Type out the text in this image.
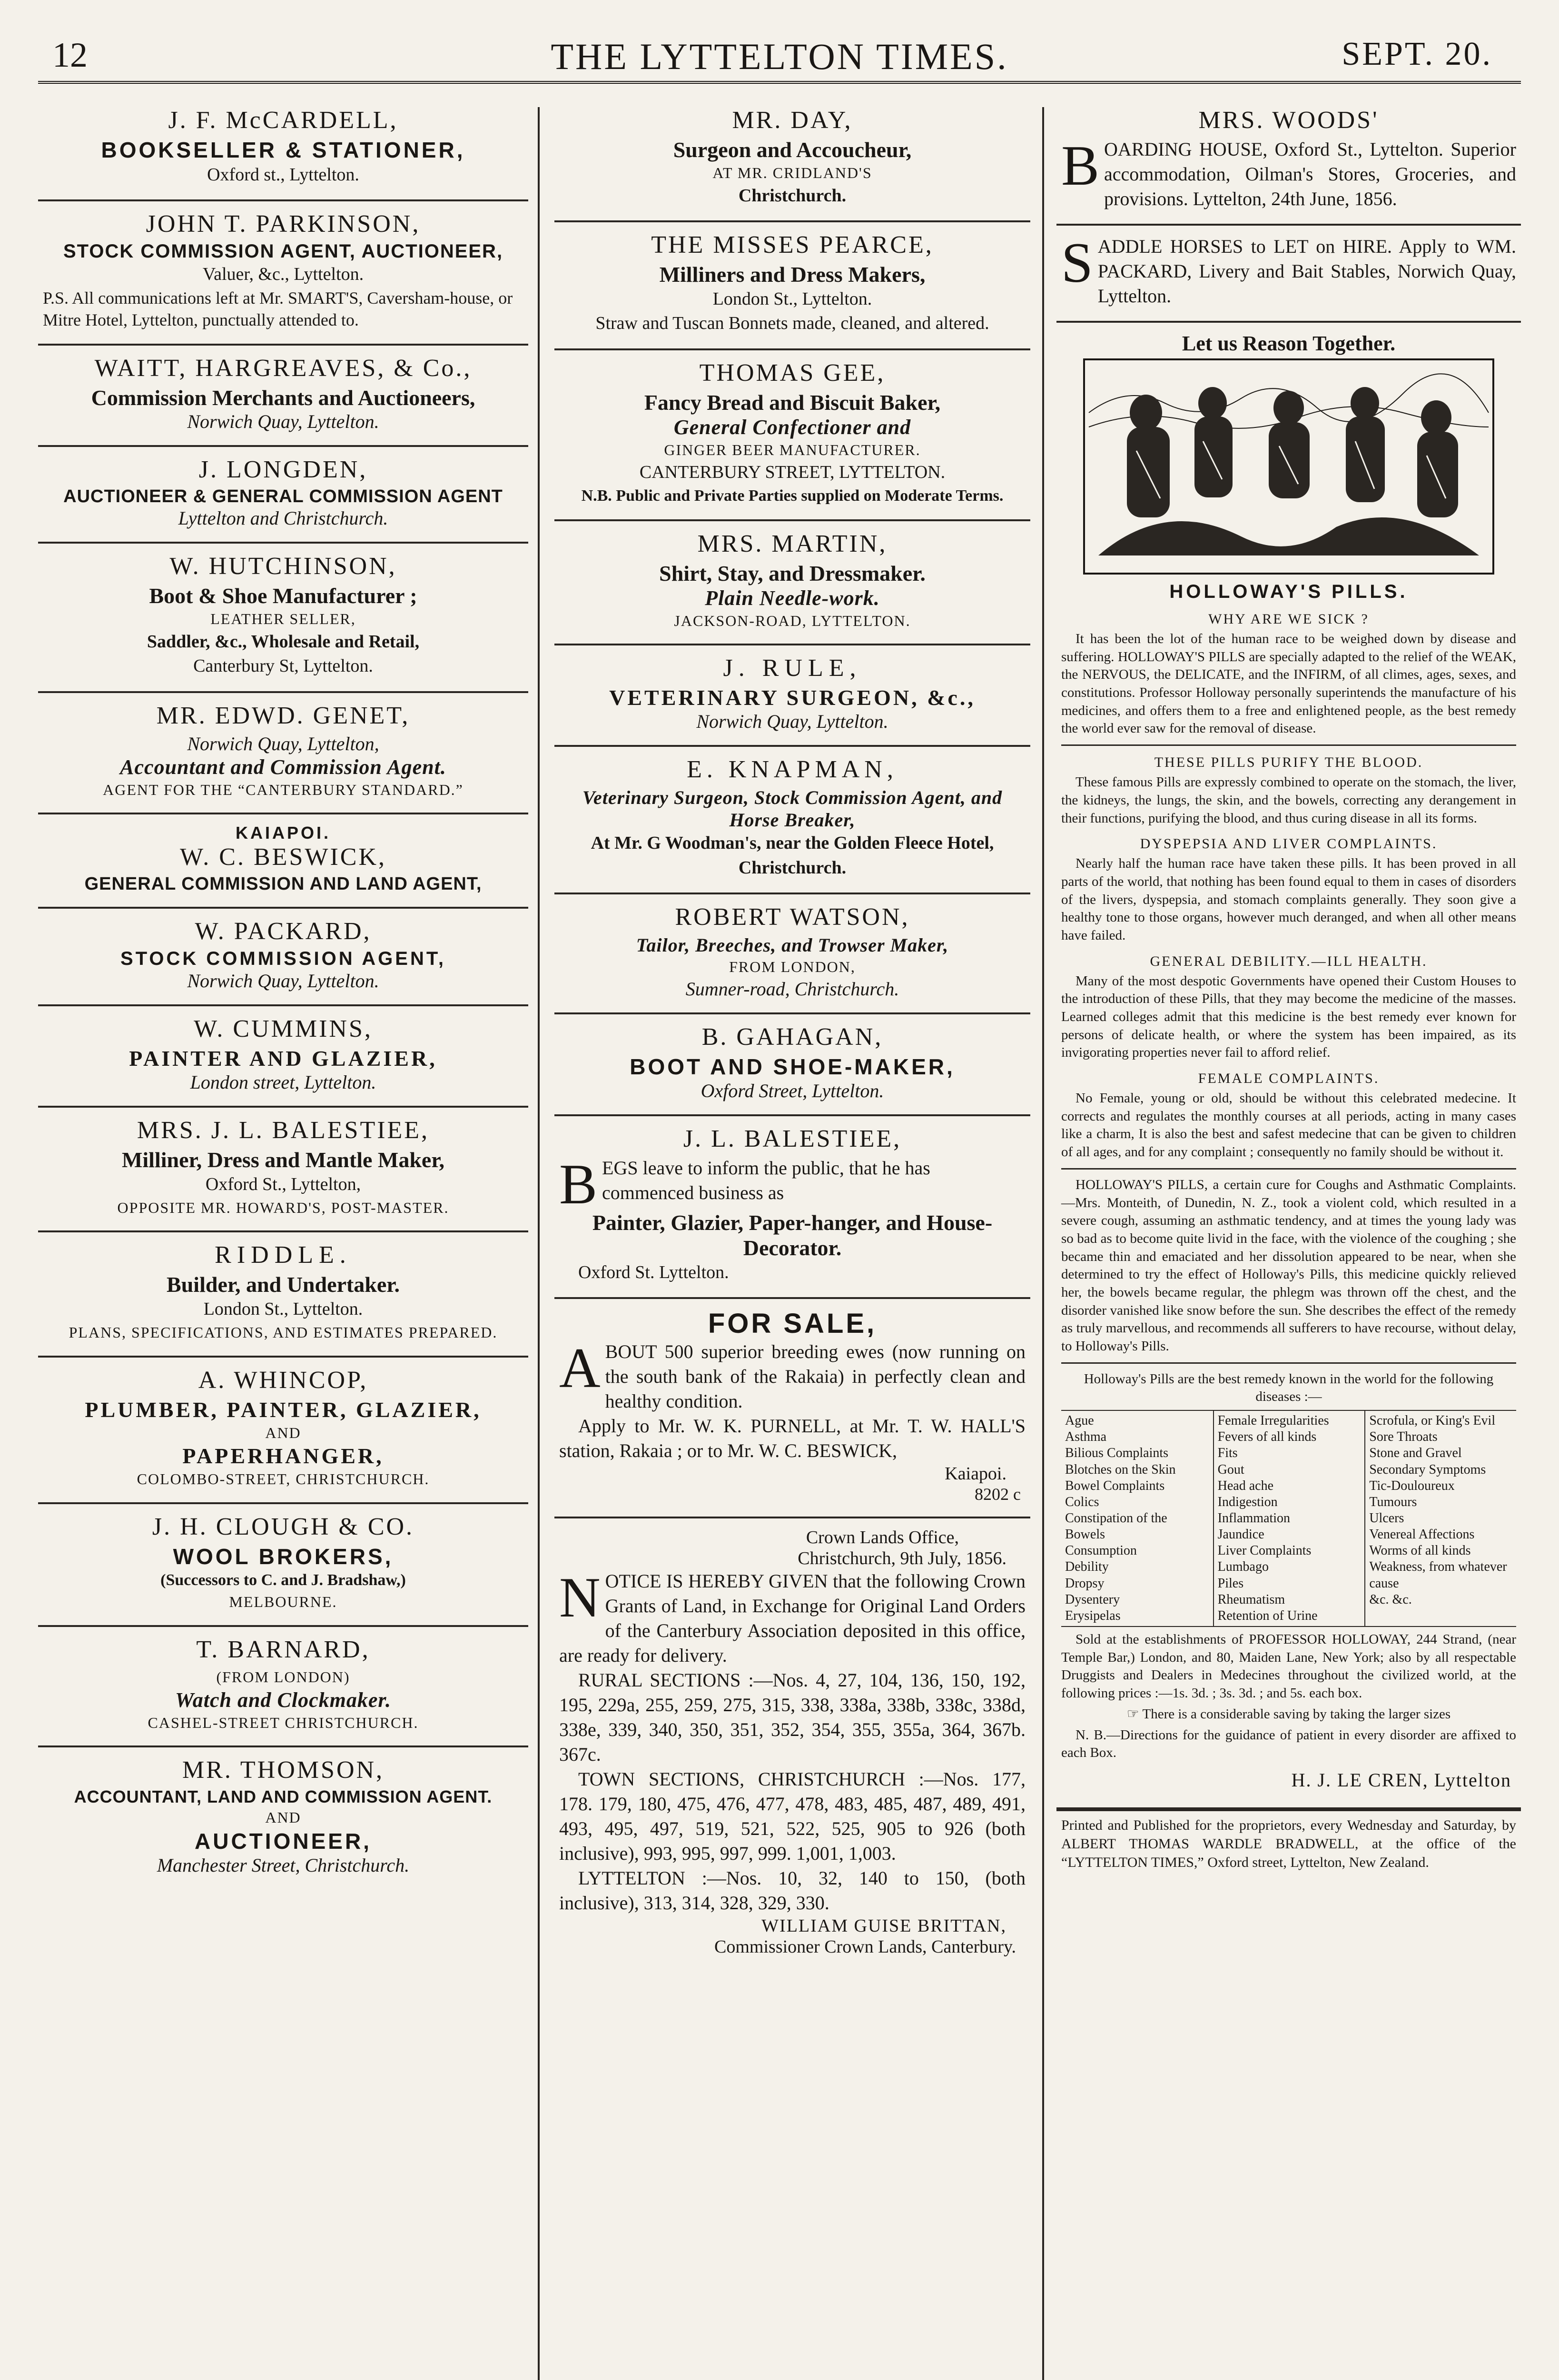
12	THE LYTTELTON TIMES.	SEPT. 20.
J. F. McCARDELL,
BOOKSELLER & STATIONER,
Oxford st., Lyttelton.
JOHN T. PARKINSON,
STOCK COMMISSION AGENT, AUCTIONEER,
Valuer, &c., Lyttelton.
P.S. All communications left at Mr. SMART'S, Caversham-house, or Mitre Hotel, Lyttelton, punctually attended to.
WAITT, HARGREAVES, & Co.,
Commission Merchants and Auctioneers,
Norwich Quay, Lyttelton.
J. LONGDEN,
AUCTIONEER & GENERAL COMMISSION AGENT
Lyttelton and Christchurch.
W. HUTCHINSON,
Boot & Shoe Manufacturer ;
LEATHER SELLER,
Saddler, &c., Wholesale and Retail,
Canterbury St, Lyttelton.
MR. EDWD. GENET,
Norwich Quay, Lyttelton,
Accountant and Commission Agent.
AGENT FOR THE “CANTERBURY STANDARD.”
KAIAPOI.
W. C. BESWICK,
GENERAL COMMISSION AND LAND AGENT,
W. PACKARD,
STOCK COMMISSION AGENT,
Norwich Quay, Lyttelton.
W. CUMMINS,
PAINTER AND GLAZIER,
London street, Lyttelton.
MRS. J. L. BALESTIEE,
Milliner, Dress and Mantle Maker,
Oxford St., Lyttelton,
OPPOSITE MR. HOWARD'S, POST-MASTER.
RIDDLE.
Builder, and Undertaker.
London St., Lyttelton.
PLANS, SPECIFICATIONS, AND ESTIMATES PREPARED.
A. WHINCOP,
PLUMBER, PAINTER, GLAZIER,
AND
PAPERHANGER,
COLOMBO-STREET, CHRISTCHURCH.
J. H. CLOUGH & CO.
WOOL BROKERS,
(Successors to C. and J. Bradshaw,)
MELBOURNE.
T. BARNARD,
(FROM LONDON)
Watch and Clockmaker.
CASHEL-STREET CHRISTCHURCH.
MR. THOMSON,
ACCOUNTANT, LAND AND COMMISSION AGENT.
AND
AUCTIONEER,
Manchester Street, Christchurch.
MR. DAY,
Surgeon and Accoucheur,
AT MR. CRIDLAND'S
Christchurch.
THE MISSES PEARCE,
Milliners and Dress Makers,
London St., Lyttelton.
Straw and Tuscan Bonnets made, cleaned, and altered.
THOMAS GEE,
Fancy Bread and Biscuit Baker,
General Confectioner and
GINGER BEER MANUFACTURER.
CANTERBURY STREET, LYTTELTON.
N.B. Public and Private Parties supplied on Moderate Terms.
MRS. MARTIN,
Shirt, Stay, and Dressmaker.
Plain Needle-work.
JACKSON-ROAD, LYTTELTON.
J. RULE,
VETERINARY SURGEON, &c.,
Norwich Quay, Lyttelton.
E. KNAPMAN,
Veterinary Surgeon, Stock Commission Agent, and Horse Breaker,
At Mr. G Woodman's, near the Golden Fleece Hotel, Christchurch.
ROBERT WATSON,
Tailor, Breeches, and Trowser Maker,
FROM LONDON,
Sumner-road, Christchurch.
B. GAHAGAN,
BOOT AND SHOE-MAKER,
Oxford Street, Lyttelton.
J. L. BALESTIEE,
BEGS leave to inform the public, that he has commenced business as
Painter, Glazier, Paper-hanger, and House-Decorator.
Oxford St. Lyttelton.
FOR SALE,
ABOUT 500 superior breeding ewes (now running on the south bank of the Rakaia) in perfectly clean and healthy condition.
Apply to Mr. W. K. PURNELL, at Mr. T. W. HALL'S station, Rakaia ; or to Mr. W. C. BESWICK,
Kaiapoi.
8202 c
Crown Lands Office,
Christchurch, 9th July, 1856.
NOTICE IS HEREBY GIVEN that the following Crown Grants of Land, in Exchange for Original Land Orders of the Canterbury Association deposited in this office, are ready for delivery.
RURAL SECTIONS :—Nos. 4, 27, 104, 136, 150, 192, 195, 229a, 255, 259, 275, 315, 338, 338a, 338b, 338c, 338d, 338e, 339, 340, 350, 351, 352, 354, 355, 355a, 364, 367b. 367c.
TOWN SECTIONS, CHRISTCHURCH :—Nos. 177, 178. 179, 180, 475, 476, 477, 478, 483, 485, 487, 489, 491, 493, 495, 497, 519, 521, 522, 525, 905 to 926 (both inclusive), 993, 995, 997, 999. 1,001, 1,003.
LYTTELTON :—Nos. 10, 32, 140 to 150, (both inclusive), 313, 314, 328, 329, 330.
WILLIAM GUISE BRITTAN,
Commissioner Crown Lands, Canterbury.
MRS. WOODS'
BOARDING HOUSE, Oxford St., Lyttelton. Superior accommodation, Oilman's Stores, Groceries, and provisions. Lyttelton, 24th June, 1856.
SADDLE HORSES to LET on HIRE. Apply to WM. PACKARD, Livery and Bait Stables, Norwich Quay, Lyttelton.
Let us Reason Together.
HOLLOWAY'S PILLS.
WHY ARE WE SICK ?

It has been the lot of the human race to be weighed down by disease and suffering. HOLLOWAY'S PILLS are specially adapted to the relief of the WEAK, the NERVOUS, the DELICATE, and the INFIRM, of all climes, ages, sexes, and constitutions. Professor Holloway personally superintends the manufacture of his medicines, and offers them to a free and enlightened people, as the best remedy the world ever saw for the removal of disease.

THESE PILLS PURIFY THE BLOOD.

These famous Pills are expressly combined to operate on the stomach, the liver, the kidneys, the lungs, the skin, and the bowels, correcting any derangement in their functions, purifying the blood, and thus curing disease in all its forms.

DYSPEPSIA AND LIVER COMPLAINTS.

Nearly half the human race have taken these pills. It has been proved in all parts of the world, that nothing has been found equal to them in cases of disorders of the livers, dyspepsia, and stomach complaints generally. They soon give a healthy tone to those organs, however much deranged, and when all other means have failed.

GENERAL DEBILITY.—ILL HEALTH.

Many of the most despotic Governments have opened their Custom Houses to the introduction of these Pills, that they may become the medicine of the masses. Learned colleges admit that this medicine is the best remedy ever known for persons of delicate health, or where the system has been impaired, as its invigorating properties never fail to afford relief.

FEMALE COMPLAINTS.

No Female, young or old, should be without this celebrated medecine. It corrects and regulates the monthly courses at all periods, acting in many cases like a charm, It is also the best and safest medecine that can be given to children of all ages, and for any complaint ; consequently no family should be without it.

HOLLOWAY'S PILLS, a certain cure for Coughs and Asthmatic Complaints.—Mrs. Monteith, of Dunedin, N. Z., took a violent cold, which resulted in a severe cough, assuming an asthmatic tendency, and at times the young lady was so bad as to become quite livid in the face, with the violence of the coughing ; she became thin and emaciated and her dissolution appeared to be near, when she determined to try the effect of Holloway's Pills, this medicine quickly relieved her, the bowels became regular, the phlegm was thrown off the chest, and the disorder vanished like snow before the sun. She describes the effect of the remedy as truly marvellous, and recommends all sufferers to have recourse, without delay, to Holloway's Pills.

Holloway's Pills are the best remedy known in the world for the following diseases :—
Ague
Asthma
Bilious Complaints
Blotches on the Skin
Bowel Complaints
Colics
Constipation of the Bowels
Consumption
Debility
Dropsy
Dysentery
Erysipelas
Female Irregularities
Fevers of all kinds
Fits
Gout
Head ache
Indigestion
Inflammation
Jaundice
Liver Complaints
Lumbago
Piles
Rheumatism
Retention of Urine
Scrofula, or King's Evil
Sore Throats
Stone and Gravel
Secondary Symptoms
Tic-Douloureux
Tumours
Ulcers
Venereal Affections
Worms of all kinds
Weakness, from whatever cause
&c. &c.

Sold at the establishments of PROFESSOR HOLLOWAY, 244 Strand, (near Temple Bar,) London, and 80, Maiden Lane, New York; also by all respectable Druggists and Dealers in Medecines throughout the civilized world, at the following prices :—1s. 3d. ; 3s. 3d. ; and 5s. each box.

☞ There is a considerable saving by taking the larger sizes

N. B.—Directions for the guidance of patient in every disorder are affixed to each Box.

H. J. LE CREN, Lyttelton
Printed and Published for the proprietors, every Wednesday and Saturday, by ALBERT THOMAS WARDLE BRADWELL, at the office of the “LYTTELTON TIMES,” Oxford street, Lyttelton, New Zealand.
